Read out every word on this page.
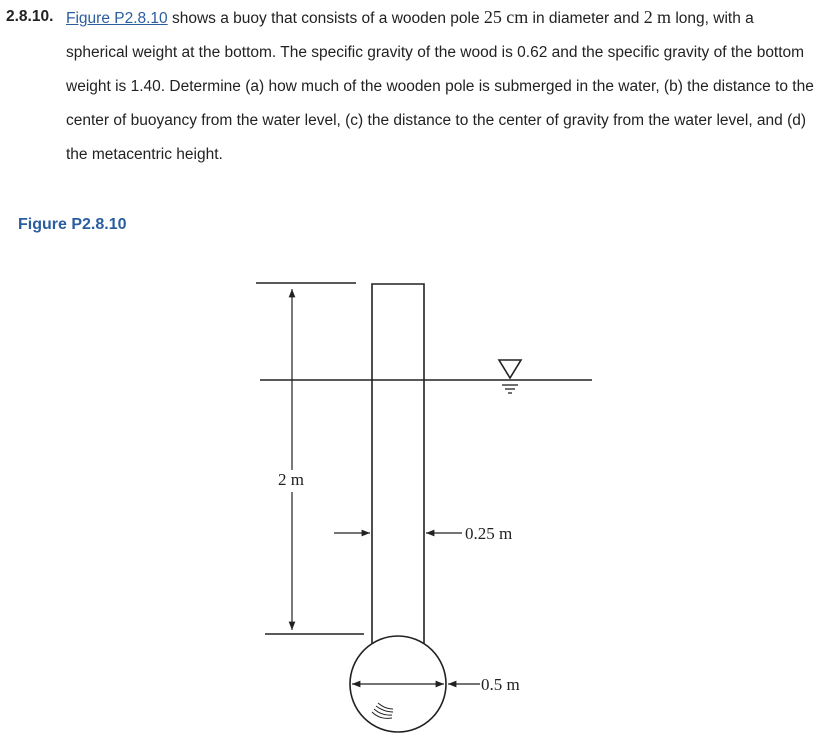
2.8.10. Figure P2.8.10 shows a buoy that consists of a wooden pole 25 cm in diameter and 2 m long, with a spherical weight at the bottom. The specific gravity of the wood is 0.62 and the specific gravity of the bottom weight is 1.40. Determine (a) how much of the wooden pole is submerged in the water, (b) the distance to the center of buoyancy from the water level, (c) the distance to the center of gravity from the water level, and (d) the metacentric height.
Figure P2.8.10
2 m
0.25 m
0.5 m
